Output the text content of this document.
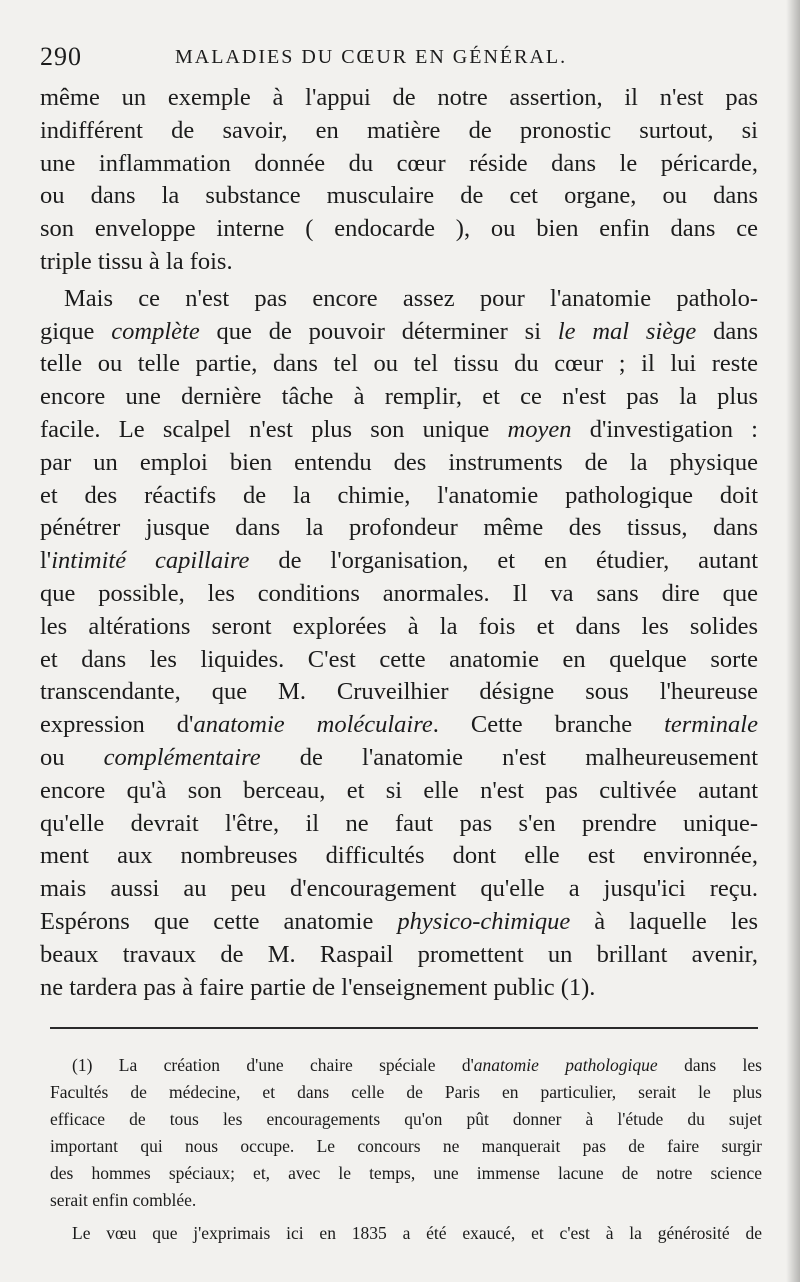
290	MALADIES DU CŒUR EN GÉNÉRAL.
même un exemple à l'appui de notre assertion, il n'est pas
indifférent de savoir, en matière de pronostic surtout, si
une inflammation donnée du cœur réside dans le péricarde,
ou dans la substance musculaire de cet organe, ou dans
son enveloppe interne ( endocarde ), ou bien enfin dans ce
triple tissu à la fois.
Mais ce n'est pas encore assez pour l'anatomie patholo-
gique complète que de pouvoir déterminer si le mal siège dans
telle ou telle partie, dans tel ou tel tissu du cœur ; il lui reste
encore une dernière tâche à remplir, et ce n'est pas la plus
facile. Le scalpel n'est plus son unique moyen d'investigation :
par un emploi bien entendu des instruments de la physique
et des réactifs de la chimie, l'anatomie pathologique doit
pénétrer jusque dans la profondeur même des tissus, dans
l'intimité capillaire de l'organisation, et en étudier, autant
que possible, les conditions anormales. Il va sans dire que
les altérations seront explorées à la fois et dans les solides
et dans les liquides. C'est cette anatomie en quelque sorte
transcendante, que M. Cruveilhier désigne sous l'heureuse
expression d'anatomie moléculaire. Cette branche terminale
ou complémentaire de l'anatomie n'est malheureusement
encore qu'à son berceau, et si elle n'est pas cultivée autant
qu'elle devrait l'être, il ne faut pas s'en prendre unique-
ment aux nombreuses difficultés dont elle est environnée,
mais aussi au peu d'encouragement qu'elle a jusqu'ici reçu.
Espérons que cette anatomie physico-chimique à laquelle les
beaux travaux de M. Raspail promettent un brillant avenir,
ne tardera pas à faire partie de l'enseignement public (1).
(1) La création d'une chaire spéciale d'anatomie pathologique dans les
Facultés de médecine, et dans celle de Paris en particulier, serait le plus
efficace de tous les encouragements qu'on pût donner à l'étude du sujet
important qui nous occupe. Le concours ne manquerait pas de faire surgir
des hommes spéciaux; et, avec le temps, une immense lacune de notre science
serait enfin comblée.
Le vœu que j'exprimais ici en 1835 a été exaucé, et c'est à la générosité de
